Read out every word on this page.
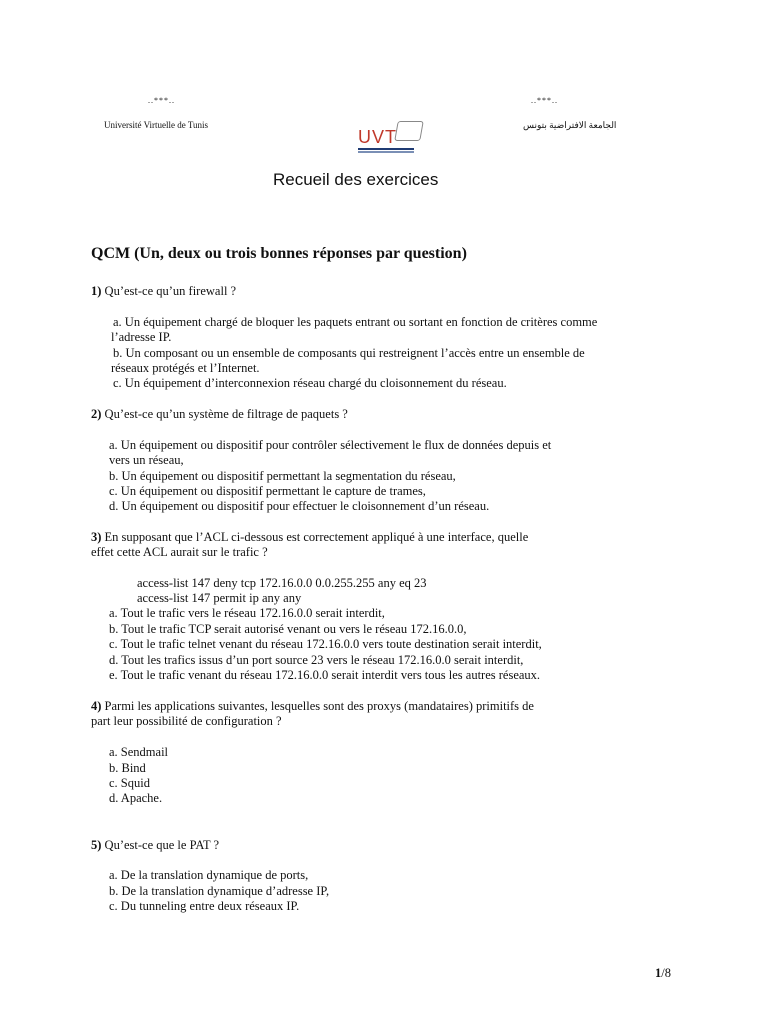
..***..
Université Virtuelle de Tunis
..***..
الجامعة الافتراضية بتونس
UVT
Recueil des exercices
QCM (Un, deux ou trois bonnes réponses par question)
1) Qu’est-ce qu’un firewall ?
a. Un équipement chargé de bloquer les paquets entrant ou sortant en fonction de critères comme
l’adresse IP.
b. Un composant ou un ensemble de composants qui restreignent l’accès entre un ensemble de
réseaux protégés et l’Internet.
c. Un équipement d’interconnexion réseau chargé du cloisonnement du réseau.
2) Qu’est-ce qu’un système de filtrage de paquets ?
a. Un équipement ou dispositif pour contrôler sélectivement le flux de données depuis et
vers un réseau,
b. Un équipement ou dispositif permettant la segmentation du réseau,
c. Un équipement ou dispositif permettant le capture de trames,
d. Un équipement ou dispositif pour effectuer le cloisonnement d’un réseau.
3) En supposant que l’ACL ci-dessous est correctement appliqué à une interface, quelle
effet cette ACL aurait sur le trafic ?
access-list 147 deny tcp 172.16.0.0 0.0.255.255 any eq 23
access-list 147 permit ip any any
a. Tout le trafic vers le réseau 172.16.0.0 serait interdit,
b. Tout le trafic TCP serait autorisé venant ou vers le réseau 172.16.0.0,
c. Tout le trafic telnet venant du réseau 172.16.0.0 vers toute destination serait interdit,
d. Tout les trafics issus d’un port source 23 vers le réseau 172.16.0.0 serait interdit,
e. Tout le trafic venant du réseau 172.16.0.0 serait interdit vers tous les autres réseaux.
4) Parmi les applications suivantes, lesquelles sont des proxys (mandataires) primitifs de
part leur possibilité de configuration ?
a. Sendmail
b. Bind
c. Squid
d. Apache.
5) Qu’est-ce que le PAT ?
a. De la translation dynamique de ports,
b. De la translation dynamique d’adresse IP,
c. Du tunneling entre deux réseaux IP.
1/8
